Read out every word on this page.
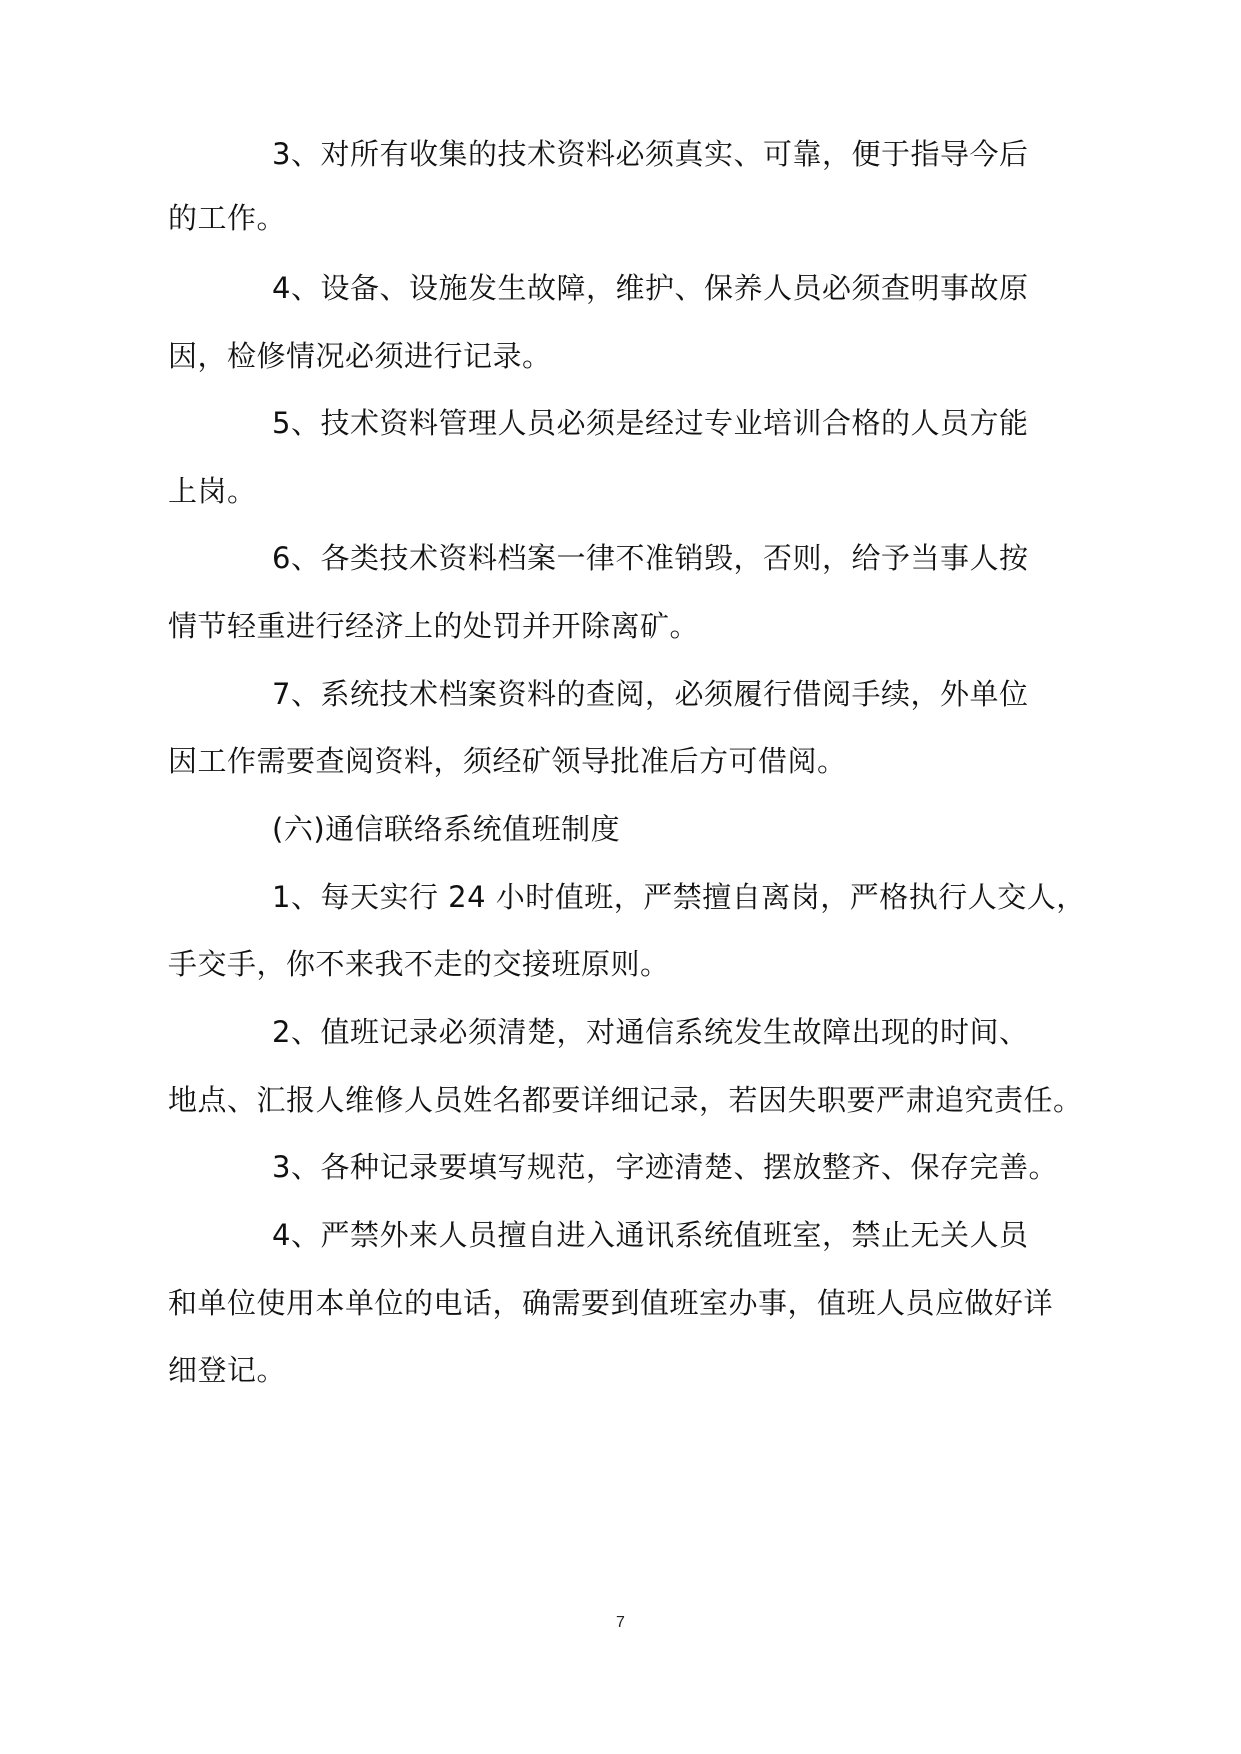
3、对所有收集的技术资料必须真实、可靠，便于指导今后
的工作。
4、设备、设施发生故障，维护、保养人员必须查明事故原
因，检修情况必须进行记录。
5、技术资料管理人员必须是经过专业培训合格的人员方能
上岗。
6、各类技术资料档案一律不准销毁，否则，给予当事人按
情节轻重进行经济上的处罚并开除离矿。
7、系统技术档案资料的查阅，必须履行借阅手续，外单位
因工作需要查阅资料，须经矿领导批准后方可借阅。
(六)通信联络系统值班制度
1、每天实行 24 小时值班，严禁擅自离岗，严格执行人交人，
手交手，你不来我不走的交接班原则。
2、值班记录必须清楚，对通信系统发生故障出现的时间、
地点、汇报人维修人员姓名都要详细记录，若因失职要严肃追究责任。
3、各种记录要填写规范，字迹清楚、摆放整齐、保存完善。
4、严禁外来人员擅自进入通讯系统值班室，禁止无关人员
和单位使用本单位的电话，确需要到值班室办事，值班人员应做好详
细登记。
7
